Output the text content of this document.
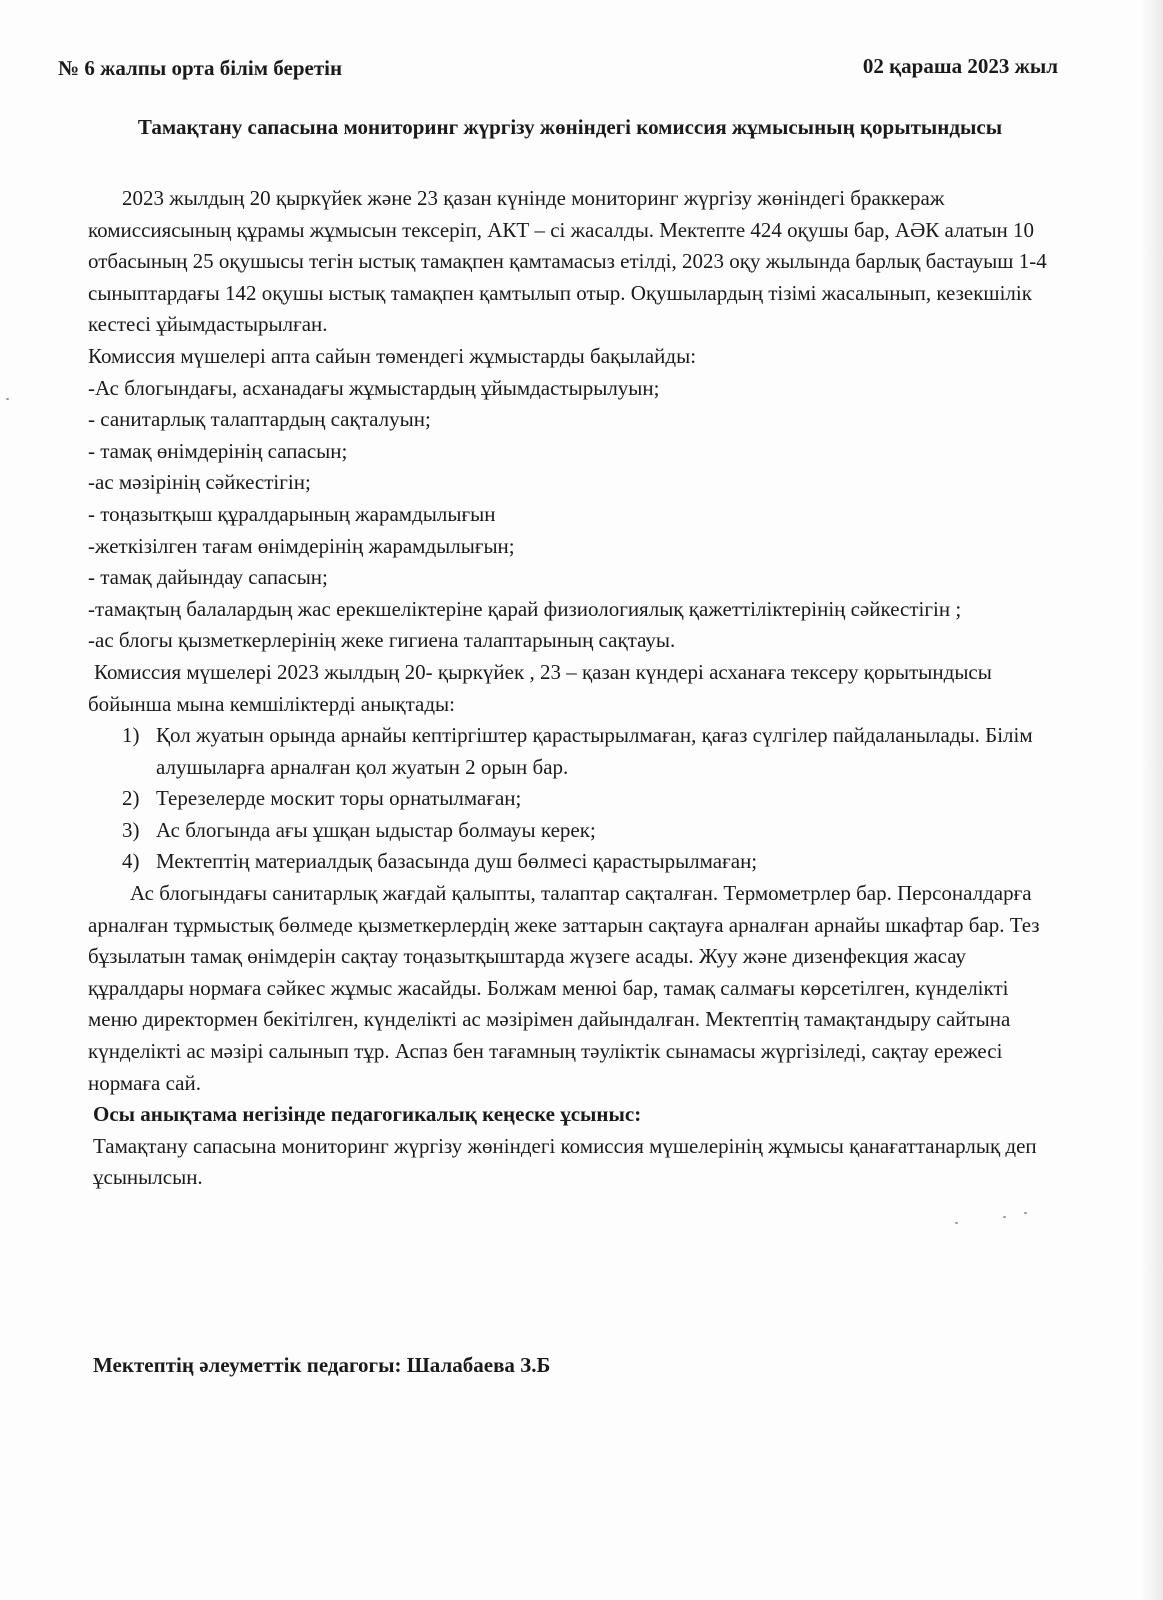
№ 6 жалпы орта білім беретін	02 қараша 2023 жыл
Тамақтану сапасына мониторинг жүргізу жөніндегі комиссия жұмысының қорытындысы

2023 жылдың 20 қыркүйек және 23 қазан күнінде мониторинг жүргізу жөніндегі браккераж комиссиясының құрамы жұмысын тексеріп, АКТ – сі жасалды. Мектепте 424 оқушы бар, АӘК алатын 10 отбасының 25 оқушысы тегін ыстық тамақпен қамтамасыз етілді, 2023 оқу жылында барлық бастауыш 1-4 сыныптардағы 142 оқушы ыстық тамақпен қамтылып отыр. Оқушылардың тізімі жасалынып, кезекшілік кестесі ұйымдастырылған.

Комиссия мүшелері апта сайын төмендегі жұмыстарды бақылайды:

-Ас блогындағы, асханадағы жұмыстардың ұйымдастырылуын;
- санитарлық талаптардың сақталуын;
- тамақ өнімдерінің сапасын;
-ас мәзірінің сәйкестігін;
- тоңазытқыш құралдарының жарамдылығын
-жеткізілген тағам өнімдерінің жарамдылығын;
- тамақ дайындау сапасын;
-тамақтың балалардың жас ерекшеліктеріне қарай физиологиялық қажеттіліктерінің сәйкестігін ;
-ас блогы қызметкерлерінің жеке гигиена талаптарының сақтауы.

Комиссия мүшелері 2023 жылдың 20- қыркүйек , 23 – қазан күндері асханаға тексеру қорытындысы бойынша мына кемшіліктерді анықтады:

1) Қол жуатын орында арнайы кептіргіштер қарастырылмаған, қағаз сүлгілер пайдаланылады. Білім алушыларға арналған қол жуатын 2 орын бар.
2) Терезелерде москит торы орнатылмаған;
3) Ас блогында ағы ұшқан ыдыстар болмауы керек;
4) Мектептің материалдық базасында душ бөлмесі қарастырылмаған;

Ас блогындағы санитарлық жағдай қалыпты, талаптар сақталған. Термометрлер бар. Персоналдарға арналған тұрмыстық бөлмеде қызметкерлердің жеке заттарын сақтауға арналған арнайы шкафтар бар. Тез бұзылатын тамақ өнімдерін сақтау тоңазытқыштарда жүзеге асады. Жуу және дизенфекция жасау құралдары нормаға сәйкес жұмыс жасайды. Болжам менюі бар, тамақ салмағы көрсетілген, күнделікті меню директормен бекітілген, күнделікті ас мәзірімен дайындалған. Мектептің тамақтандыру сайтына күнделікті ас мәзірі салынып тұр. Аспаз бен тағамның тәуліктік сынамасы жүргізіледі, сақтау ережесі нормаға сай.

Осы анықтама негізінде педагогикалық кеңеске ұсыныс:

Тамақтану сапасына мониторинг жүргізу жөніндегі комиссия мүшелерінің жұмысы қанағаттанарлық деп ұсынылсын.

Мектептің әлеуметтік педагогы: Шалабаева З.Б
